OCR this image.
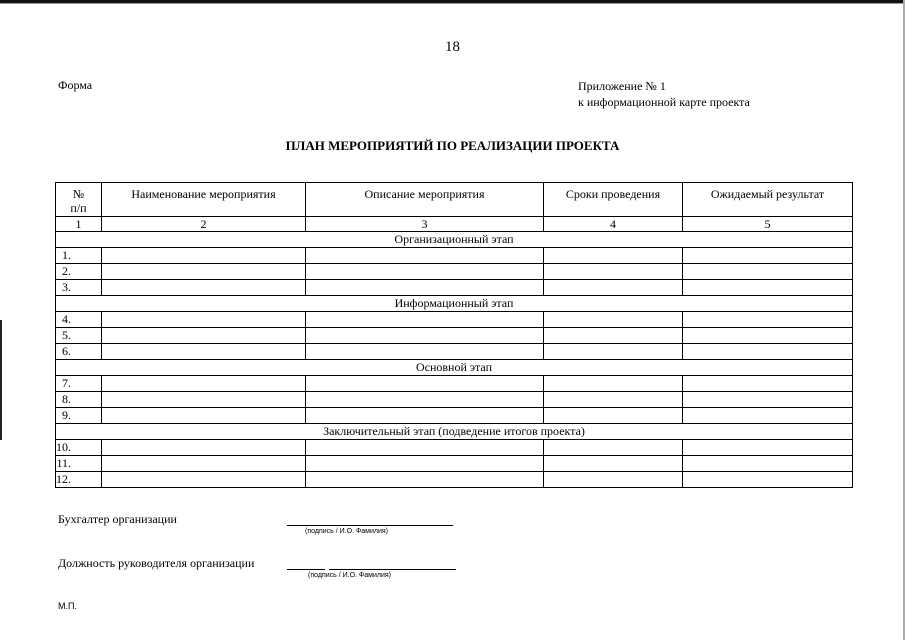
18
Форма	Приложение № 1
к информационной карте проекта
ПЛАН МЕРОПРИЯТИЙ ПО РЕАЛИЗАЦИИ ПРОЕКТА
№
п/п	Наименование мероприятия	Описание мероприятия	Сроки проведения	Ожидаемый результат
1	2	3	4	5
Организационный этап				
1.				
2.				
3.				
Информационный этап				
4.				
5.				
6.				
Основной этап				
7.				
8.				
9.				
Заключительный этап (подведение итогов проекта)				
10.				
11.				
12.				
Бухгалтер организации
(подпись / И.О. Фамилия)
Должность руководителя организации
(подпись / И.О. Фамилия)
М.П.
